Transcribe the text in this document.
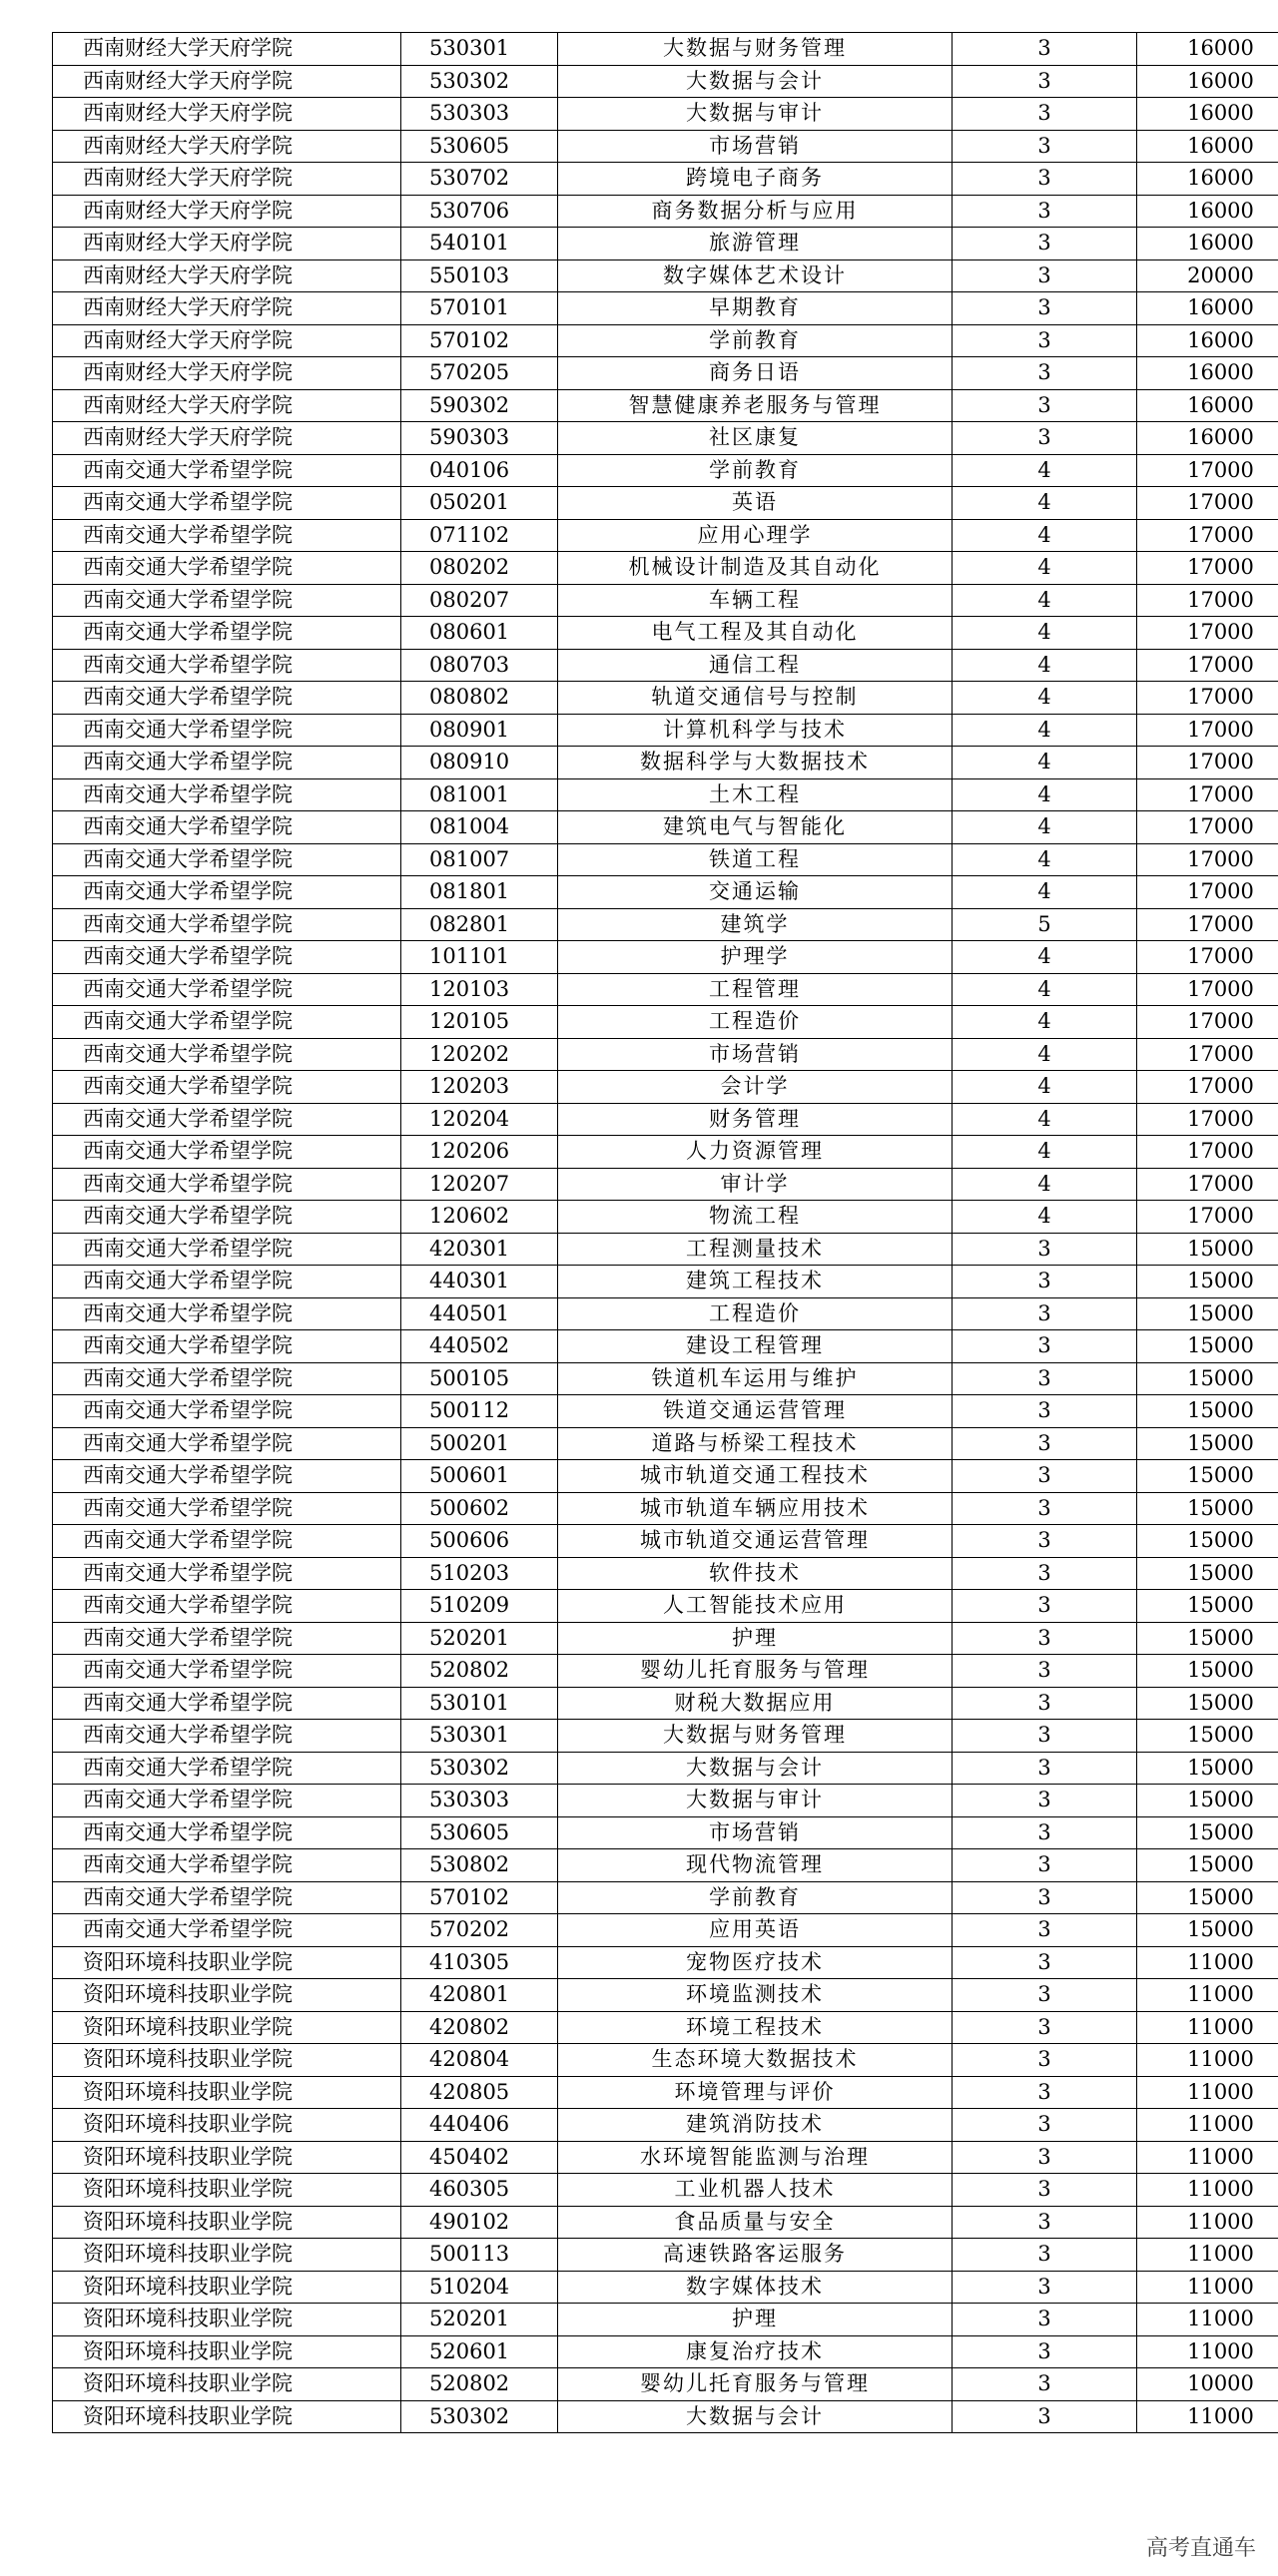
西南财经大学天府学院	530301	大数据与财务管理	3	16000
西南财经大学天府学院	530302	大数据与会计	3	16000
西南财经大学天府学院	530303	大数据与审计	3	16000
西南财经大学天府学院	530605	市场营销	3	16000
西南财经大学天府学院	530702	跨境电子商务	3	16000
西南财经大学天府学院	530706	商务数据分析与应用	3	16000
西南财经大学天府学院	540101	旅游管理	3	16000
西南财经大学天府学院	550103	数字媒体艺术设计	3	20000
西南财经大学天府学院	570101	早期教育	3	16000
西南财经大学天府学院	570102	学前教育	3	16000
西南财经大学天府学院	570205	商务日语	3	16000
西南财经大学天府学院	590302	智慧健康养老服务与管理	3	16000
西南财经大学天府学院	590303	社区康复	3	16000
西南交通大学希望学院	040106	学前教育	4	17000
西南交通大学希望学院	050201	英语	4	17000
西南交通大学希望学院	071102	应用心理学	4	17000
西南交通大学希望学院	080202	机械设计制造及其自动化	4	17000
西南交通大学希望学院	080207	车辆工程	4	17000
西南交通大学希望学院	080601	电气工程及其自动化	4	17000
西南交通大学希望学院	080703	通信工程	4	17000
西南交通大学希望学院	080802	轨道交通信号与控制	4	17000
西南交通大学希望学院	080901	计算机科学与技术	4	17000
西南交通大学希望学院	080910	数据科学与大数据技术	4	17000
西南交通大学希望学院	081001	土木工程	4	17000
西南交通大学希望学院	081004	建筑电气与智能化	4	17000
西南交通大学希望学院	081007	铁道工程	4	17000
西南交通大学希望学院	081801	交通运输	4	17000
西南交通大学希望学院	082801	建筑学	5	17000
西南交通大学希望学院	101101	护理学	4	17000
西南交通大学希望学院	120103	工程管理	4	17000
西南交通大学希望学院	120105	工程造价	4	17000
西南交通大学希望学院	120202	市场营销	4	17000
西南交通大学希望学院	120203	会计学	4	17000
西南交通大学希望学院	120204	财务管理	4	17000
西南交通大学希望学院	120206	人力资源管理	4	17000
西南交通大学希望学院	120207	审计学	4	17000
西南交通大学希望学院	120602	物流工程	4	17000
西南交通大学希望学院	420301	工程测量技术	3	15000
西南交通大学希望学院	440301	建筑工程技术	3	15000
西南交通大学希望学院	440501	工程造价	3	15000
西南交通大学希望学院	440502	建设工程管理	3	15000
西南交通大学希望学院	500105	铁道机车运用与维护	3	15000
西南交通大学希望学院	500112	铁道交通运营管理	3	15000
西南交通大学希望学院	500201	道路与桥梁工程技术	3	15000
西南交通大学希望学院	500601	城市轨道交通工程技术	3	15000
西南交通大学希望学院	500602	城市轨道车辆应用技术	3	15000
西南交通大学希望学院	500606	城市轨道交通运营管理	3	15000
西南交通大学希望学院	510203	软件技术	3	15000
西南交通大学希望学院	510209	人工智能技术应用	3	15000
西南交通大学希望学院	520201	护理	3	15000
西南交通大学希望学院	520802	婴幼儿托育服务与管理	3	15000
西南交通大学希望学院	530101	财税大数据应用	3	15000
西南交通大学希望学院	530301	大数据与财务管理	3	15000
西南交通大学希望学院	530302	大数据与会计	3	15000
西南交通大学希望学院	530303	大数据与审计	3	15000
西南交通大学希望学院	530605	市场营销	3	15000
西南交通大学希望学院	530802	现代物流管理	3	15000
西南交通大学希望学院	570102	学前教育	3	15000
西南交通大学希望学院	570202	应用英语	3	15000
资阳环境科技职业学院	410305	宠物医疗技术	3	11000
资阳环境科技职业学院	420801	环境监测技术	3	11000
资阳环境科技职业学院	420802	环境工程技术	3	11000
资阳环境科技职业学院	420804	生态环境大数据技术	3	11000
资阳环境科技职业学院	420805	环境管理与评价	3	11000
资阳环境科技职业学院	440406	建筑消防技术	3	11000
资阳环境科技职业学院	450402	水环境智能监测与治理	3	11000
资阳环境科技职业学院	460305	工业机器人技术	3	11000
资阳环境科技职业学院	490102	食品质量与安全	3	11000
资阳环境科技职业学院	500113	高速铁路客运服务	3	11000
资阳环境科技职业学院	510204	数字媒体技术	3	11000
资阳环境科技职业学院	520201	护理	3	11000
资阳环境科技职业学院	520601	康复治疗技术	3	11000
资阳环境科技职业学院	520802	婴幼儿托育服务与管理	3	10000
资阳环境科技职业学院	530302	大数据与会计	3	11000
高考直通车
